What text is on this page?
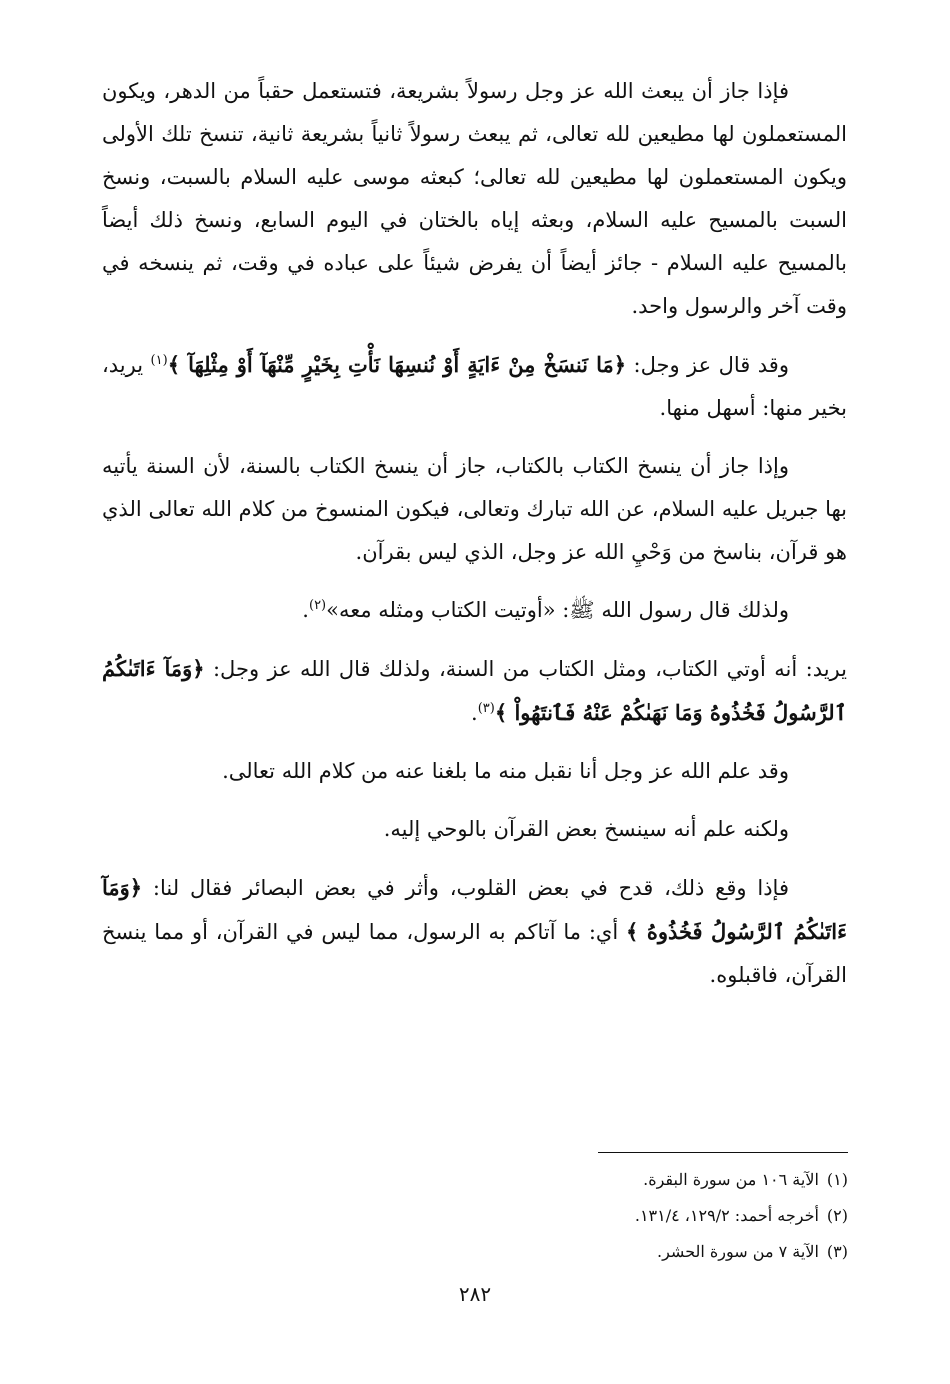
فإذا جاز أن يبعث الله عز وجل رسولاً بشريعة، فتستعمل حقباً من الدهر، ويكون المستعملون لها مطيعين لله تعالى، ثم يبعث رسولاً ثانياً بشريعة ثانية، تنسخ تلك الأولى ويكون المستعملون لها مطيعين لله تعالى؛ كبعثه موسى عليه السلام بالسبت، ونسخ السبت بالمسيح عليه السلام، وبعثه إياه بالختان في اليوم السابع، ونسخ ذلك أيضاً بالمسيح عليه السلام - جائز أيضاً أن يفرض شيئاً على عباده في وقت، ثم ينسخه في وقت آخر والرسول واحد.

وقد قال عز وجل: ﴿مَا نَنسَخْ مِنْ ءَايَةٍ أَوْ نُنسِهَا نَأْتِ بِخَيْرٍ مِّنْهَآ أَوْ مِثْلِهَآ ﴾$^{(١)}$ يريد، بخير منها: أسهل منها.

وإذا جاز أن ينسخ الكتاب بالكتاب، جاز أن ينسخ الكتاب بالسنة، لأن السنة يأتيه بها جبريل عليه السلام، عن الله تبارك وتعالى، فيكون المنسوخ من كلام الله تعالى الذي هو قرآن، بناسخ من وَحْيِ الله عز وجل، الذي ليس بقرآن.

ولذلك قال رسول الله ﷺ: «أوتيت الكتاب ومثله معه»$^{(٢)}$.

يريد: أنه أوتي الكتاب، ومثل الكتاب من السنة، ولذلك قال الله عز وجل: ﴿وَمَآ ءَاتَىٰكُمُ ٱلرَّسُولُ فَخُذُوهُ وَمَا نَهَىٰكُمْ عَنْهُ فَٱنتَهُواْ ﴾$^{(٣)}$.

وقد علم الله عز وجل أنا نقبل منه ما بلغنا عنه من كلام الله تعالى.

ولكنه علم أنه سينسخ بعض القرآن بالوحي إليه.

فإذا وقع ذلك، قدح في بعض القلوب، وأثر في بعض البصائر فقال لنا: ﴿وَمَآ ءَاتَىٰكُمُ ٱلرَّسُولُ فَخُذُوهُ ﴾ أي: ما آتاكم به الرسول، مما ليس في القرآن، أو مما ينسخ القرآن، فاقبلوه.

(١)الآية ١٠٦ من سورة البقرة.
(٢)أخرجه أحمد: ١٢٩/٢، ١٣١/٤.
(٣)الآية ٧ من سورة الحشر.
٢٨٢
